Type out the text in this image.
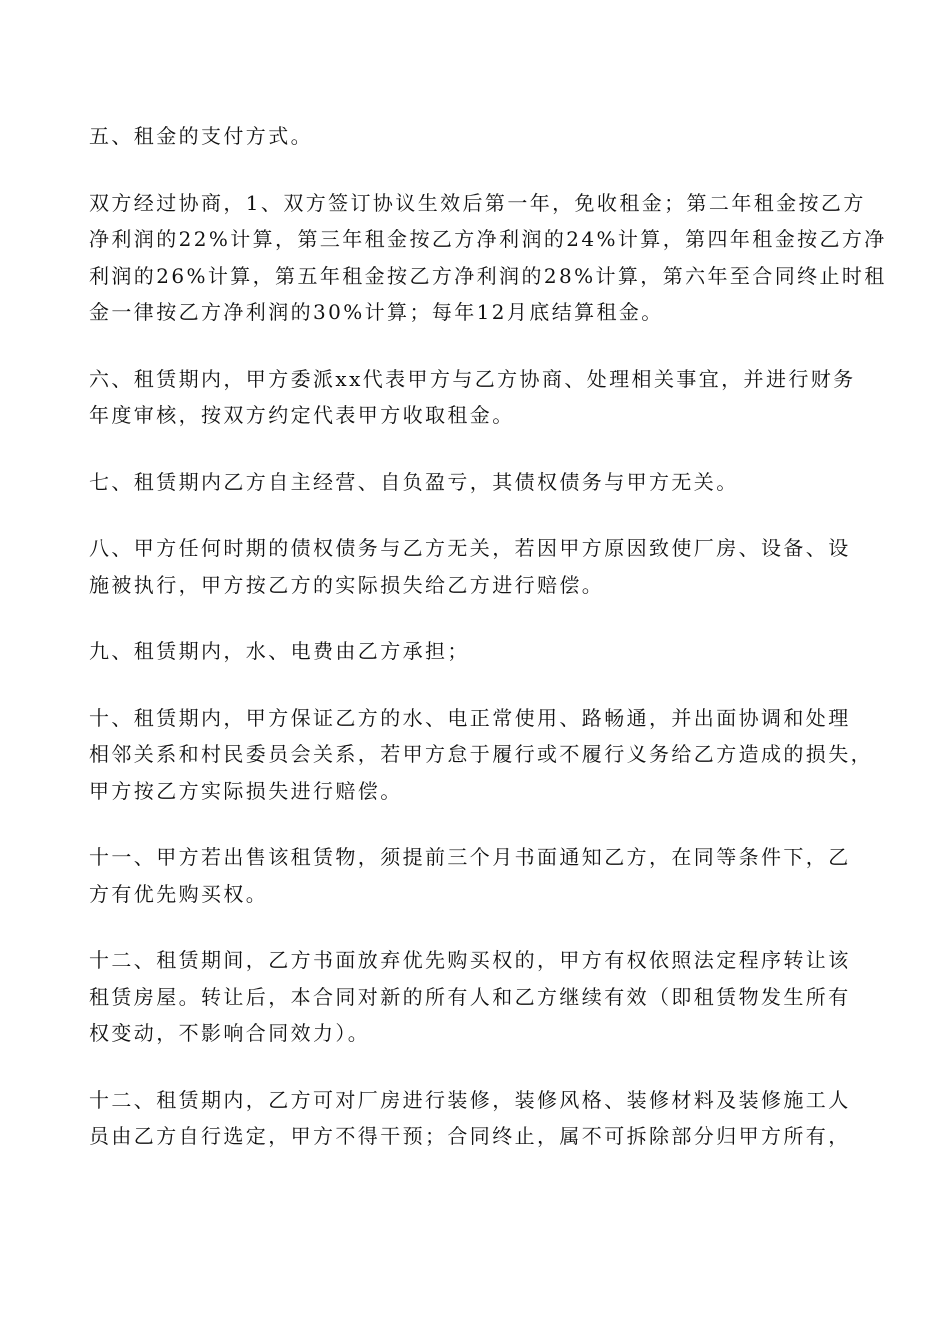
五、租金的支付方式。

双方经过协商，1、双方签订协议生效后第一年，免收租金；第二年租金按乙方
净利润的22%计算，第三年租金按乙方净利润的24%计算，第四年租金按乙方净
利润的26%计算，第五年租金按乙方净利润的28%计算，第六年至合同终止时租
金一律按乙方净利润的30%计算；每年12月底结算租金。

六、租赁期内，甲方委派xx代表甲方与乙方协商、处理相关事宜，并进行财务
年度审核，按双方约定代表甲方收取租金。

七、租赁期内乙方自主经营、自负盈亏，其债权债务与甲方无关。

八、甲方任何时期的债权债务与乙方无关，若因甲方原因致使厂房、设备、设
施被执行，甲方按乙方的实际损失给乙方进行赔偿。

九、租赁期内，水、电费由乙方承担；

十、租赁期内，甲方保证乙方的水、电正常使用、路畅通，并出面协调和处理
相邻关系和村民委员会关系，若甲方怠于履行或不履行义务给乙方造成的损失，
甲方按乙方实际损失进行赔偿。

十一、甲方若出售该租赁物，须提前三个月书面通知乙方，在同等条件下，乙
方有优先购买权。

十二、租赁期间，乙方书面放弃优先购买权的，甲方有权依照法定程序转让该
租赁房屋。转让后，本合同对新的所有人和乙方继续有效（即租赁物发生所有
权变动，不影响合同效力）。

十二、租赁期内，乙方可对厂房进行装修，装修风格、装修材料及装修施工人
员由乙方自行选定，甲方不得干预；合同终止，属不可拆除部分归甲方所有，
